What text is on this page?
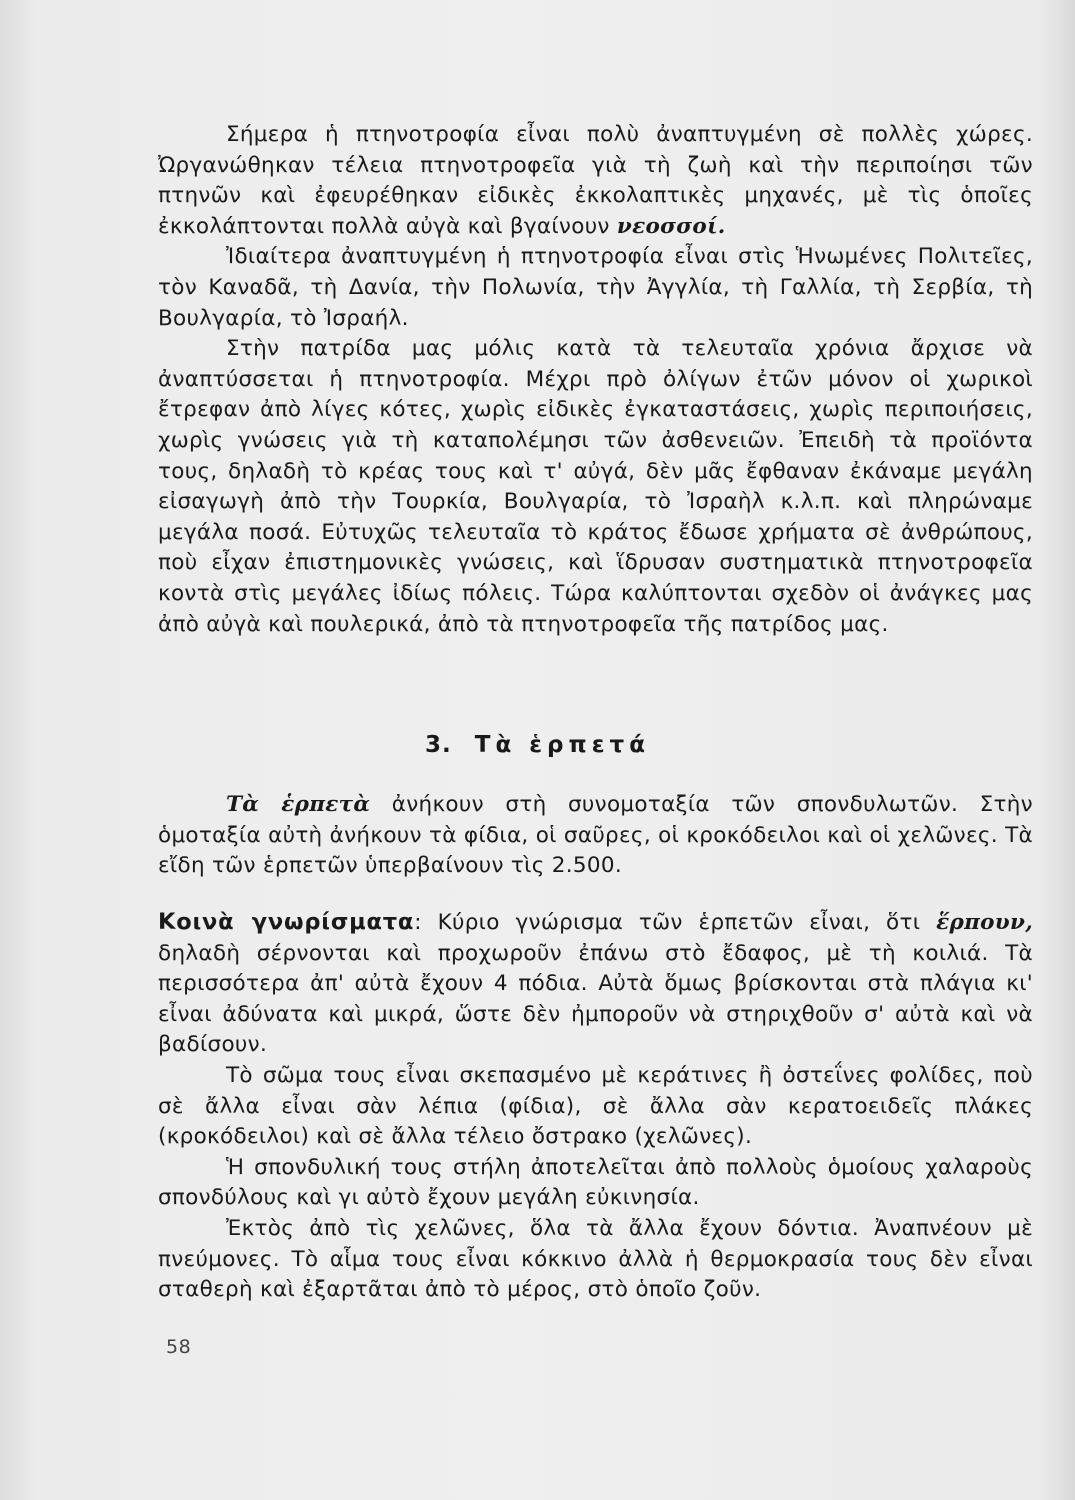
Σήμερα ἡ πτηνοτροφία εἶναι πολὺ ἀναπτυγμένη σὲ πολλὲς χώρες. Ὠργανώθηκαν τέλεια πτηνοτροφεῖα γιὰ τὴ ζωὴ καὶ τὴν περιποίησι τῶν πτηνῶν καὶ ἐφευρέθηκαν εἰδικὲς ἐκκολαπτικὲς μηχανές, μὲ τὶς ὁποῖες ἐκκολάπτονται πολλὰ αὐγὰ καὶ βγαίνουν νεοσσοί.

Ἰδιαίτερα ἀναπτυγμένη ἡ πτηνοτροφία εἶναι στὶς Ἡνωμένες Πολιτεῖες, τὸν Καναδᾶ, τὴ Δανία, τὴν Πολωνία, τὴν Ἀγγλία, τὴ Γαλλία, τὴ Σερβία, τὴ Βουλγαρία, τὸ Ἰσραήλ.

Στὴν πατρίδα μας μόλις κατὰ τὰ τελευταῖα χρόνια ἄρχισε νὰ ἀναπτύσσεται ἡ πτηνοτροφία. Μέχρι πρὸ ὀλίγων ἐτῶν μόνον οἱ χωρικοὶ ἔτρεφαν ἀπὸ λίγες κότες, χωρὶς εἰδικὲς ἐγκαταστάσεις, χωρὶς περιποιήσεις, χωρὶς γνώσεις γιὰ τὴ καταπολέμησι τῶν ἀσθενειῶν. Ἐπειδὴ τὰ προϊόντα τους, δηλαδὴ τὸ κρέας τους καὶ τ' αὐγά, δὲν μᾶς ἔφθαναν ἐκάναμε μεγάλη εἰσαγωγὴ ἀπὸ τὴν Τουρκία, Βουλγαρία, τὸ Ἰσραὴλ κ.λ.π. καὶ πληρώναμε μεγάλα ποσά. Εὐτυχῶς τελευταῖα τὸ κράτος ἔδωσε χρήματα σὲ ἀνθρώπους, ποὺ εἶχαν ἐπιστημονικὲς γνώσεις, καὶ ἵδρυσαν συστηματικὰ πτηνοτροφεῖα κοντὰ στὶς μεγάλες ἰδίως πόλεις. Τώρα καλύπτονται σχεδὸν οἱ ἀνάγκες μας ἀπὸ αὐγὰ καὶ πουλερικά, ἀπὸ τὰ πτηνοτροφεῖα τῆς πατρίδος μας.

3. Τὰ ἑρπετά

Τὰ ἑρπετὰ ἀνήκουν στὴ συνομοταξία τῶν σπονδυλωτῶν. Στὴν ὁμοταξία αὐτὴ ἀνήκουν τὰ φίδια, οἱ σαῦρες, οἱ κροκόδειλοι καὶ οἱ χελῶνες. Τὰ εἴδη τῶν ἑρπετῶν ὑπερβαίνουν τὶς 2.500.

Κοινὰ γνωρίσματα: Κύριο γνώρισμα τῶν ἑρπετῶν εἶναι, ὅτι ἕρπουν, δηλαδὴ σέρνονται καὶ προχωροῦν ἐπάνω στὸ ἔδαφος, μὲ τὴ κοιλιά. Τὰ περισσότερα ἀπ' αὐτὰ ἔχουν 4 πόδια. Αὐτὰ ὅμως βρίσκονται στὰ πλάγια κι' εἶναι ἀδύνατα καὶ μικρά, ὥστε δὲν ἠμποροῦν νὰ στηριχθοῦν σ' αὐτὰ καὶ νὰ βαδίσουν.

Τὸ σῶμα τους εἶναι σκεπασμένο μὲ κεράτινες ἢ ὀστεΐνες φολίδες, ποὺ σὲ ἄλλα εἶναι σὰν λέπια (φίδια), σὲ ἄλλα σὰν κερατοειδεῖς πλάκες (κροκόδειλοι) καὶ σὲ ἄλλα τέλειο ὄστρακο (χελῶνες).

Ἡ σπονδυλική τους στήλη ἀποτελεῖται ἀπὸ πολλοὺς ὁμοίους χαλαροὺς σπονδύλους καὶ γι αὐτὸ ἔχουν μεγάλη εὐκινησία.

Ἐκτὸς ἀπὸ τὶς χελῶνες, ὅλα τὰ ἄλλα ἔχουν δόντια. Ἀναπνέουν μὲ πνεύμονες. Τὸ αἷμα τους εἶναι κόκκινο ἀλλὰ ἡ θερμοκρασία τους δὲν εἶναι σταθερὴ καὶ ἐξαρτᾶται ἀπὸ τὸ μέρος, στὸ ὁποῖο ζοῦν.

58
